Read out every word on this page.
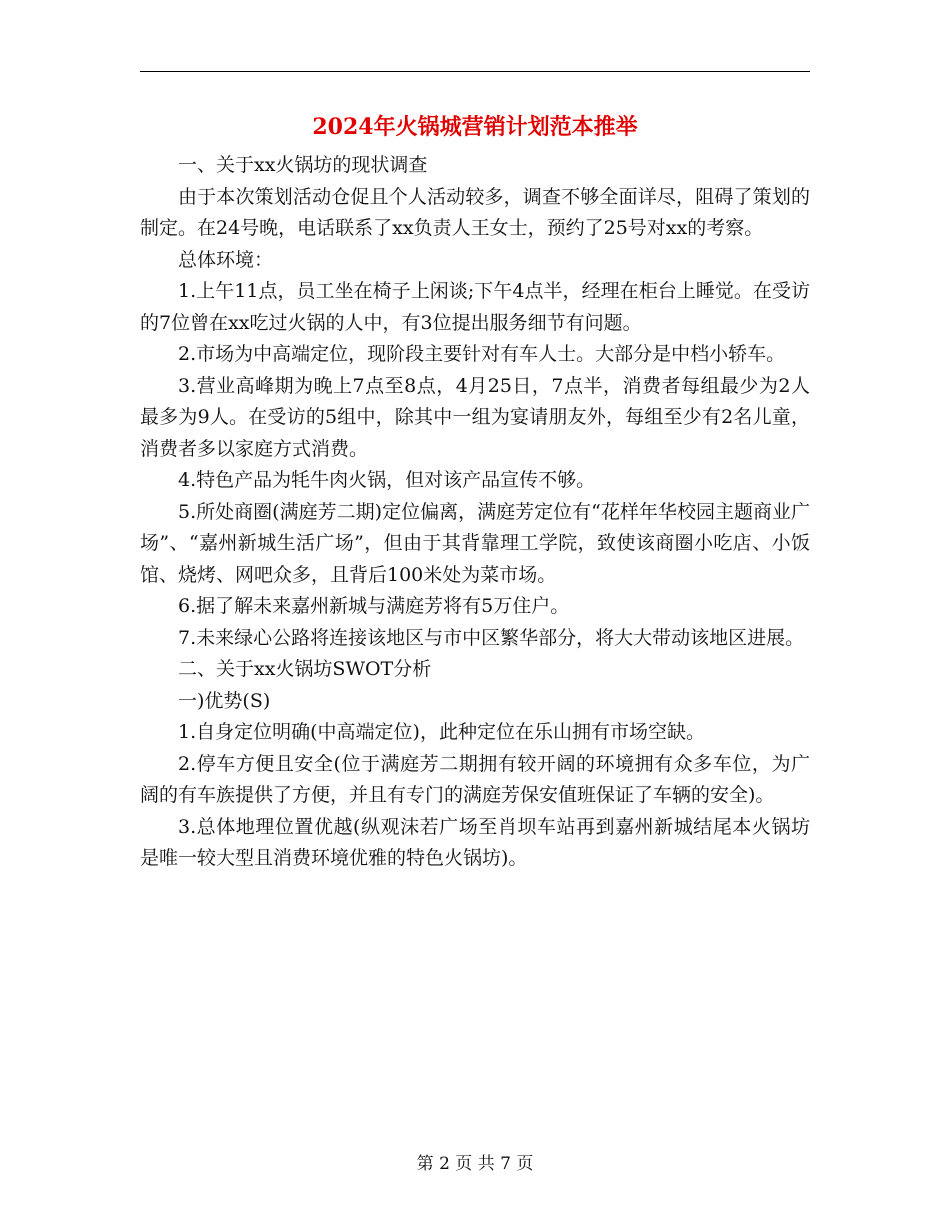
2024年火锅城营销计划范本推举

一、关于xx火锅坊的现状调查

由于本次策划活动仓促且个人活动较多，调查不够全面详尽，阻碍了策划的制定。在24号晚，电话联系了xx负责人王女士，预约了25号对xx的考察。

总体环境：

1.上午11点，员工坐在椅子上闲谈;下午4点半，经理在柜台上睡觉。在受访的7位曾在xx吃过火锅的人中，有3位提出服务细节有问题。

2.市场为中高端定位，现阶段主要针对有车人士。大部分是中档小轿车。

3.营业高峰期为晚上7点至8点，4月25日，7点半，消费者每组最少为2人最多为9人。在受访的5组中，除其中一组为宴请朋友外，每组至少有2名儿童，消费者多以家庭方式消费。

4.特色产品为牦牛肉火锅，但对该产品宣传不够。

5.所处商圈(满庭芳二期)定位偏离，满庭芳定位有“花样年华校园主题商业广场”、“嘉州新城生活广场”，但由于其背靠理工学院，致使该商圈小吃店、小饭馆、烧烤、网吧众多，且背后100米处为菜市场。

6.据了解未来嘉州新城与满庭芳将有5万住户。

7.未来绿心公路将连接该地区与市中区繁华部分，将大大带动该地区进展。

二、关于xx火锅坊SWOT分析

一)优势(S)

1.自身定位明确(中高端定位)，此种定位在乐山拥有市场空缺。

2.停车方便且安全(位于满庭芳二期拥有较开阔的环境拥有众多车位，为广阔的有车族提供了方便，并且有专门的满庭芳保安值班保证了车辆的安全)。

3.总体地理位置优越(纵观沫若广场至肖坝车站再到嘉州新城结尾本火锅坊是唯一较大型且消费环境优雅的特色火锅坊)。

第 2 页 共 7 页
